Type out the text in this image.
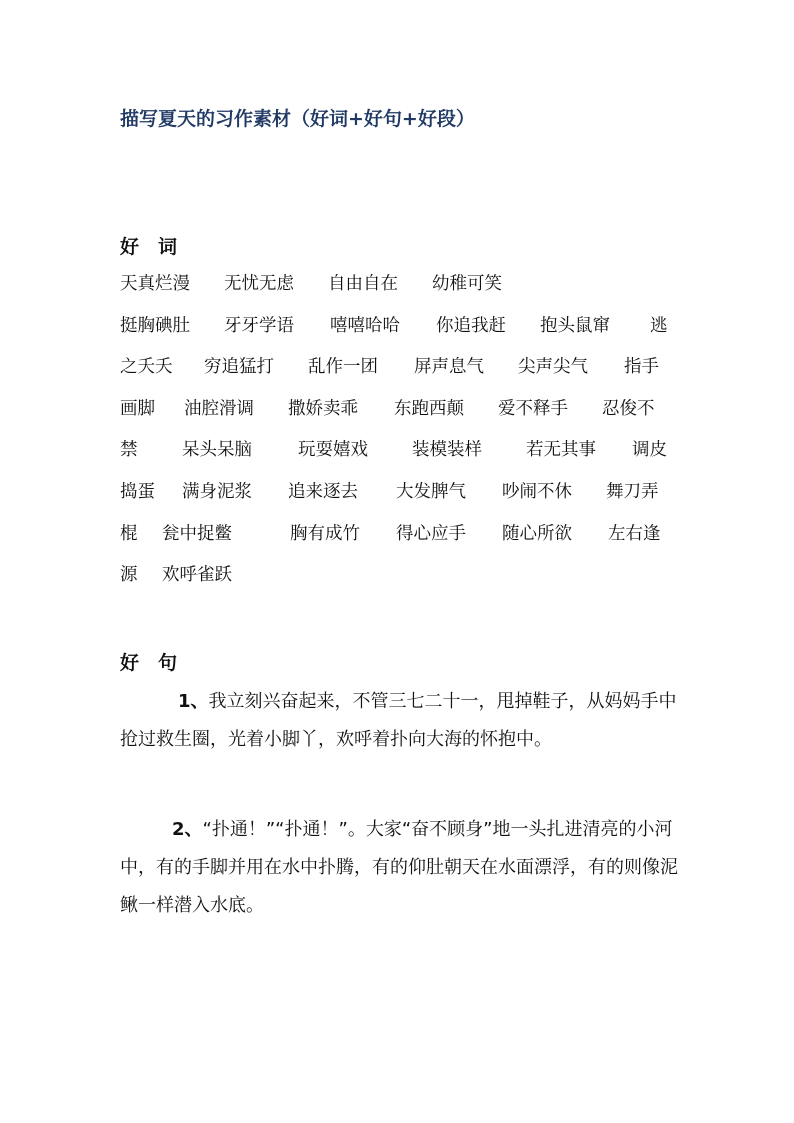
描写夏天的习作素材（好词+好句+好段）
好词
天真烂漫	无忧无虑	自由自在	幼稚可笑
挺胸碘肚	牙牙学语	嘻嘻哈哈	你追我赶	抱头鼠窜	逃
之夭夭	穷追猛打	乱作一团	屏声息气	尖声尖气	指手
画脚	油腔滑调	撒娇卖乖	东跑西颠	爱不释手	忍俊不
禁	呆头呆脑	玩耍嬉戏	装模装样	若无其事	调皮
捣蛋	满身泥浆	追来逐去	大发脾气	吵闹不休	舞刀弄
棍	瓮中捉鳖	胸有成竹	得心应手	随心所欲	左右逢
源	欢呼雀跃
好句
1、我立刻兴奋起来，不管三七二十一，甩掉鞋子，从妈妈手中抢过救生圈，光着小脚丫，欢呼着扑向大海的怀抱中。
2、“扑通！”“扑通！”。大家“奋不顾身”地一头扎进清亮的小河中，有的手脚并用在水中扑腾，有的仰肚朝天在水面漂浮，有的则像泥鳅一样潜入水底。
